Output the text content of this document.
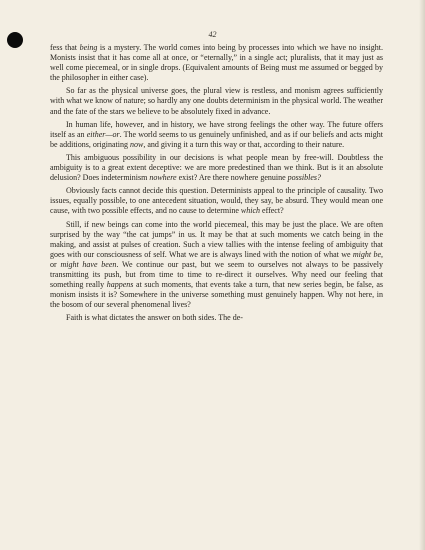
42

fess that being is a mystery. The world comes into being by processes into which we have no insight. Monists insist that it has come all at once, or “eternally,” in a single act; pluralists, that it may just as well come piecemeal, or in single drops. (Equivalent amounts of Being must me assumed or begged by the philosopher in either case).

So far as the physical universe goes, the plural view is restless, and monism agrees sufficiently with what we know of nature; so hardly any one doubts determinism in the physical world. The weather and the fate of the stars we believe to be absolutely fixed in advance.

In human life, however, and in history, we have strong feelings the other way. The future offers itself as an either—or. The world seems to us genuinely unfinished, and as if our beliefs and acts might be additions, originating now, and giving it a turn this way or that, according to their nature.

This ambiguous possibility in our decisions is what people mean by free-will. Doubtless the ambiguity is to a great extent deceptive: we are more predestined than we think. But is it an absolute delusion? Does indeterminism nowhere exist? Are there nowhere genuine possibles?

Obviously facts cannot decide this question. Determinists appeal to the principle of causality. Two issues, equally possible, to one antecedent situation, would, they say, be absurd. They would mean one cause, with two possible effects, and no cause to determine which effect?

Still, if new beings can come into the world piecemeal, this may be just the place. We are often surprised by the way “the cat jumps” in us. It may be that at such moments we catch being in the making, and assist at pulses of creation. Such a view tallies with the intense feeling of ambiguity that goes with our consciousness of self. What we are is always lined with the notion of what we might be, or might have been. We continue our past, but we seem to ourselves not always to be passively transmitting its push, but from time to time to re-direct it ourselves. Why need our feeling that something really happens at such moments, that events take a turn, that new series begin, be false, as monism insists it is? Somewhere in the universe something must genuinely happen. Why not here, in the bosom of our several phenomenal lives?

Faith is what dictates the answer on both sides. The de-
